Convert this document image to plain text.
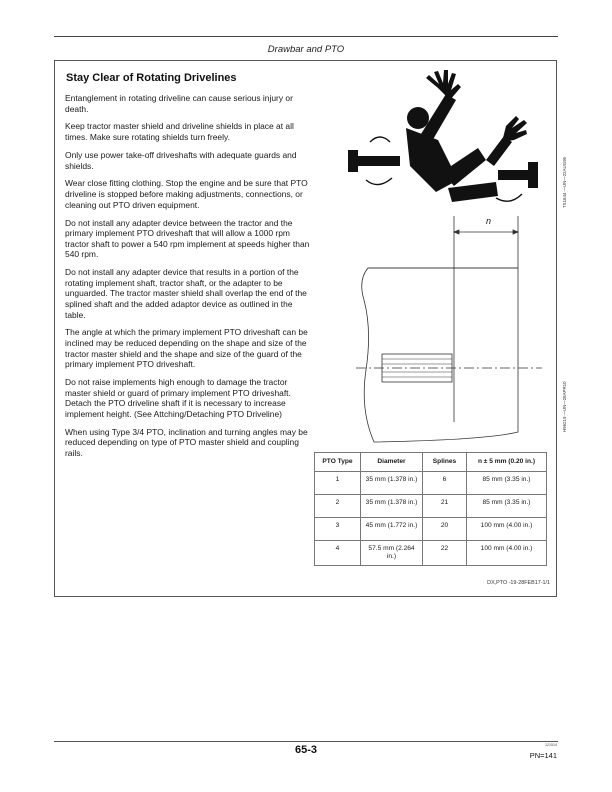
Drawbar and PTO
Stay Clear of Rotating Drivelines

Entanglement in rotating driveline can cause serious injury or death.

Keep tractor master shield and driveline shields in place at all times. Make sure rotating shields turn freely.

Only use power take-off driveshafts with adequate guards and shields.

Wear close fitting clothing. Stop the engine and be sure that PTO driveline is stopped before making adjustments, connections, or cleaning out PTO driven equipment.

Do not install any adapter device between the tractor and the primary implement PTO driveshaft that will allow a 1000 rpm tractor shaft to power a 540 rpm implement at speeds higher than 540 rpm.

Do not install any adapter device that results in a portion of the rotating implement shaft, tractor shaft, or the adapter to be unguarded. The tractor master shield shall overlap the end of the splined shaft and the added adaptor device as outlined in the table.

The angle at which the primary implement PTO driveshaft can be inclined may be reduced depending on the shape and size of the tractor master shield and the shape and size of the guard of the primary implement PTO driveshaft.

Do not raise implements high enough to damage the tractor master shield or guard of primary implement PTO driveshaft. Detach the PTO driveline shaft if it is necessary to increase implement height. (See Attching/Detaching PTO Driveline)

When using Type 3/4 PTO, inclination and turning angles may be reduced depending on type of PTO master shield and coupling rails.

TS1644 —UN—22AUG95
n
H96219 —UN—28APR10
PTO Type	Diameter	Splines	n ± 5 mm (0.20 in.)
1	35 mm (1.378 in.)	6	85 mm (3.35 in.)
2	35 mm (1.378 in.)	21	85 mm (3.35 in.)
3	45 mm (1.772 in.)	20	100 mm (4.00 in.)
4	57.5 mm (2.264 in.)	22	100 mm (4.00 in.)
DX,PTO -19-28FEB17-1/1
65-3	121514
PN=141
